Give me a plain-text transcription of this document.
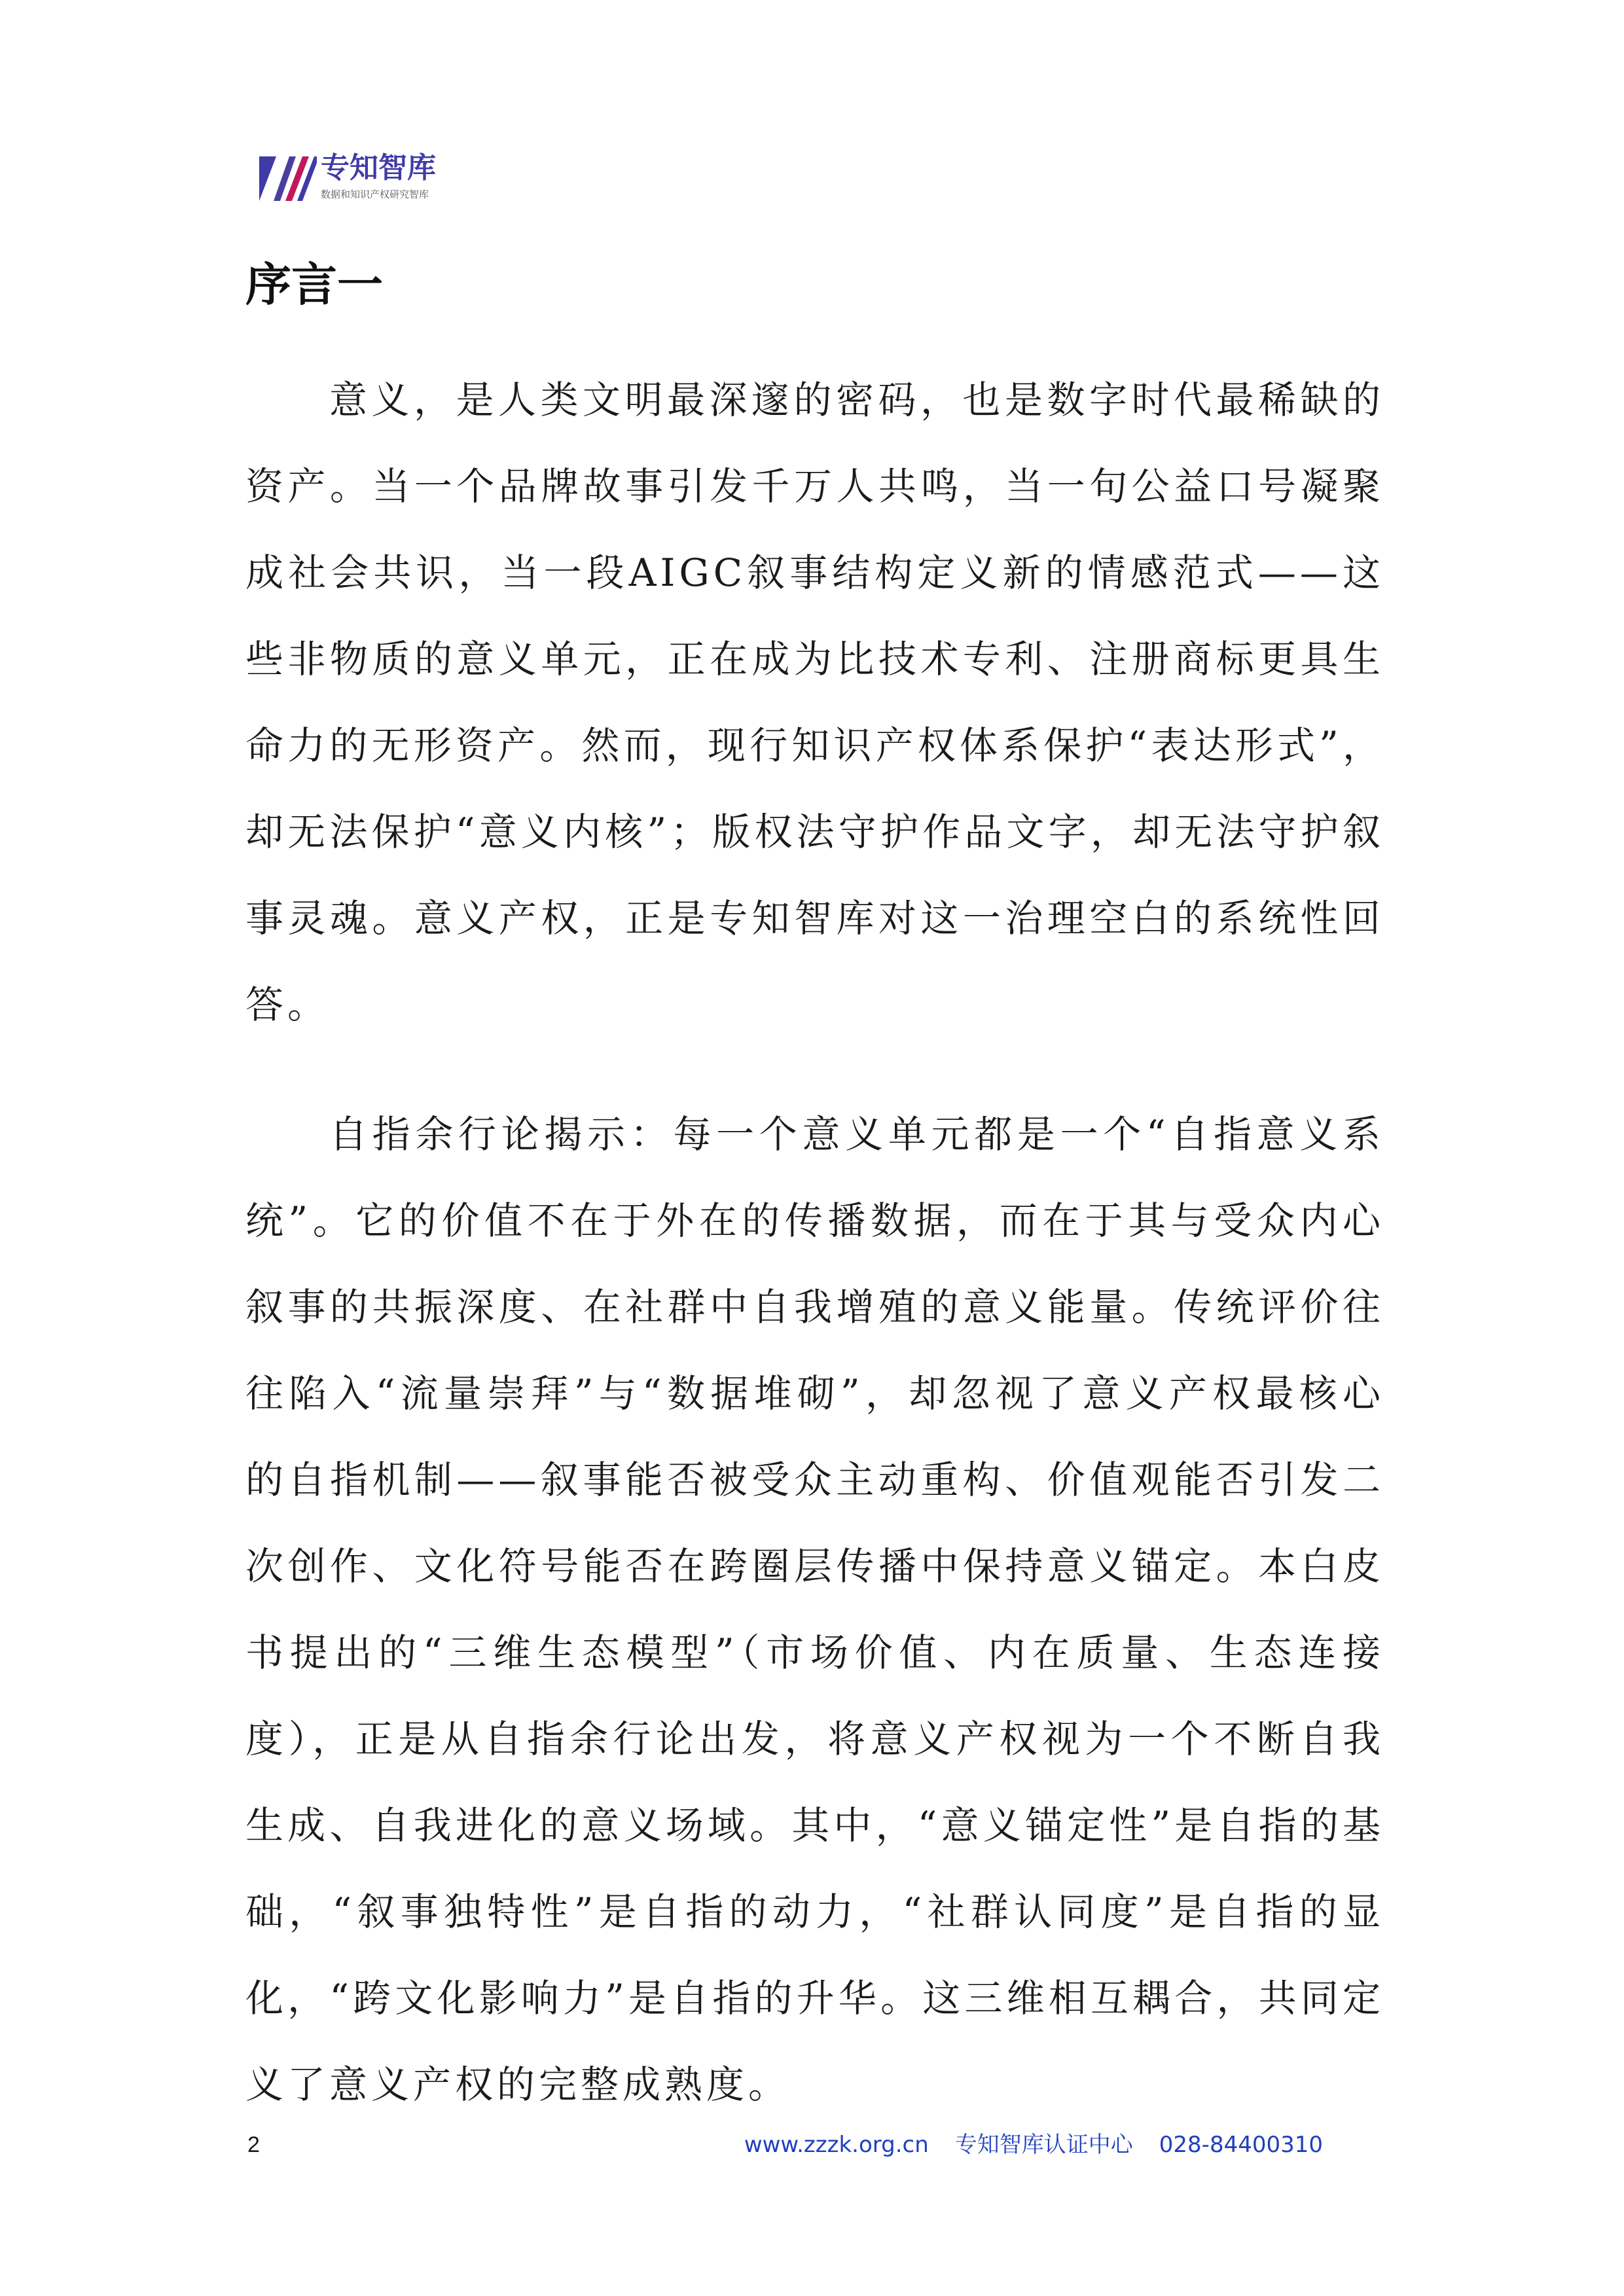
专知智库
数据和知识产权研究智库
序言一

意义，是人类文明最深邃的密码，也是数字时代最稀缺的资产。当一个品牌故事引发千万人共鸣，当一句公益口号凝聚成社会共识，当一段AIGC叙事结构定义新的情感范式——这些非物质的意义单元，正在成为比技术专利、注册商标更具生命力的无形资产。然而，现行知识产权体系保护“表达形式”，却无法保护“意义内核”；版权法守护作品文字，却无法守护叙事灵魂。意义产权，正是专知智库对这一治理空白的系统性回答。

自指余行论揭示：每一个意义单元都是一个“自指意义系统”。它的价值不在于外在的传播数据，而在于其与受众内心叙事的共振深度、在社群中自我增殖的意义能量。传统评价往往陷入“流量崇拜”与“数据堆砌”，却忽视了意义产权最核心的自指机制——叙事能否被受众主动重构、价值观能否引发二次创作、文化符号能否在跨圈层传播中保持意义锚定。本白皮书提出的“三维生态模型”（市场价值、内在质量、生态连接度），正是从自指余行论出发，将意义产权视为一个不断自我生成、自我进化的意义场域。其中，“意义锚定性”是自指的基础，“叙事独特性”是自指的动力，“社群认同度”是自指的显化，“跨文化影响力”是自指的升华。这三维相互耦合，共同定义了意义产权的完整成熟度。

2	www.zzzk.org.cn 专知智库认证中心 028-84400310
